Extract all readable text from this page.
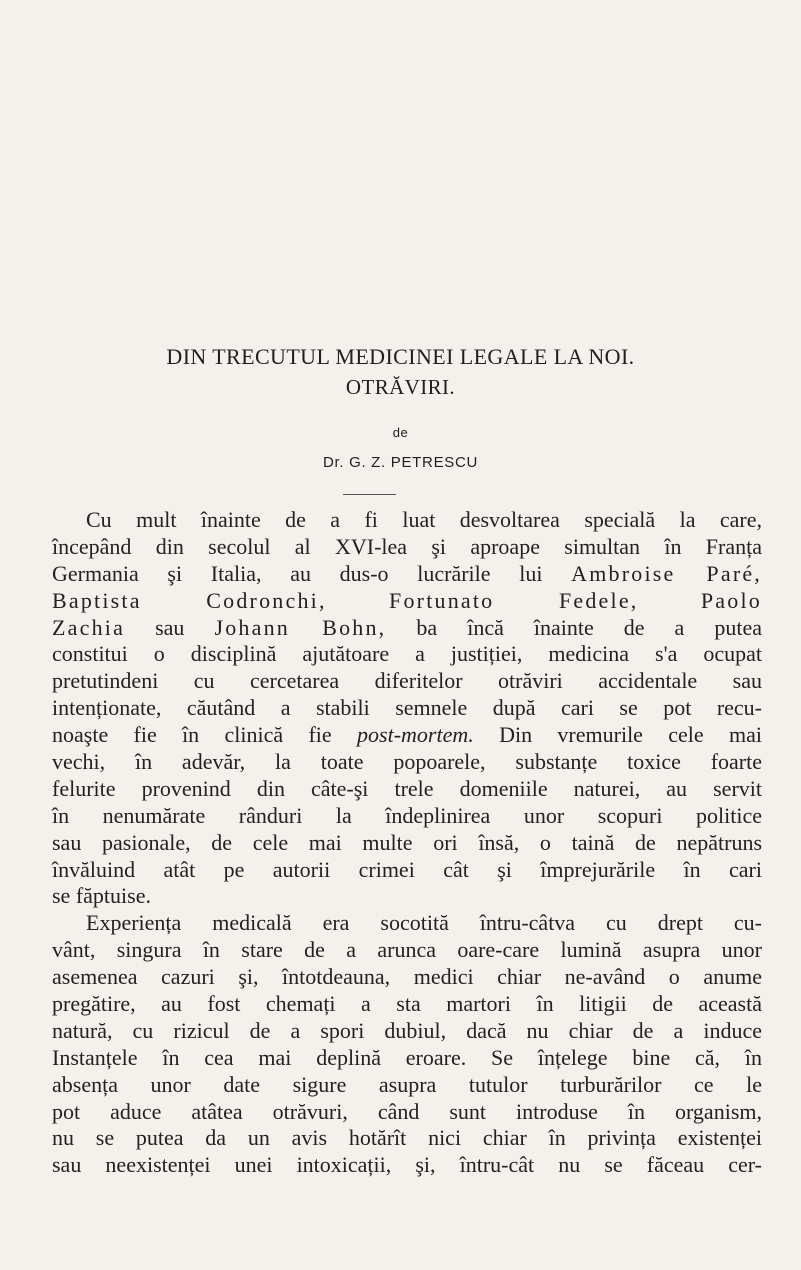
DIN TRECUTUL MEDICINEI LEGALE LA NOI.
OTRĂVIRI.
de
Dr. G. Z. PETRESCU
Cu mult înainte de a fi luat desvoltarea specială la care,
începând din secolul al XVI-lea şi aproape simultan în Franța
Germania şi Italia, au dus-o lucrările lui Ambroise Paré,
Baptista Codronchi,	Fortunato Fedele,	Paolo
Zachia sau Johann Bohn, ba încă înainte de a putea
constitui o disciplină ajutătoare a justiției, medicina s'a ocupat
pretutindeni cu cercetarea diferitelor otrăviri accidentale sau
intenționate, căutând a stabili semnele după cari se pot recu-
noaşte fie în clinică fie post-mortem. Din vremurile cele mai
vechi, în adevăr, la toate popoarele, substanțe toxice foarte
felurite provenind din câte-şi trele domeniile naturei, au servit
în nenumărate rânduri la îndeplinirea unor scopuri politice
sau pasionale, de cele mai multe ori însă, o taină de nepătruns
învăluind atât pe autorii crimei cât şi împrejurările în cari
se făptuise.
Experiența medicală era socotită întru-câtva cu drept cu-
vânt, singura în stare de a arunca oare-care lumină asupra unor
asemenea cazuri şi, întotdeauna, medici chiar ne-având o anume
pregătire, au fost chemați a sta martori în litigii de această
natură, cu rizicul de a spori dubiul, dacă nu chiar de a induce
Instanțele în cea mai deplină eroare. Se înțelege bine că, în
absența unor date sigure asupra tutulor turburărilor ce le
pot aduce atâtea otrăvuri, când sunt introduse în organism,
nu se putea da un avis hotărît nici chiar în privința existenței
sau neexistenței unei intoxicații, şi, întru-cât nu se făceau cer-
